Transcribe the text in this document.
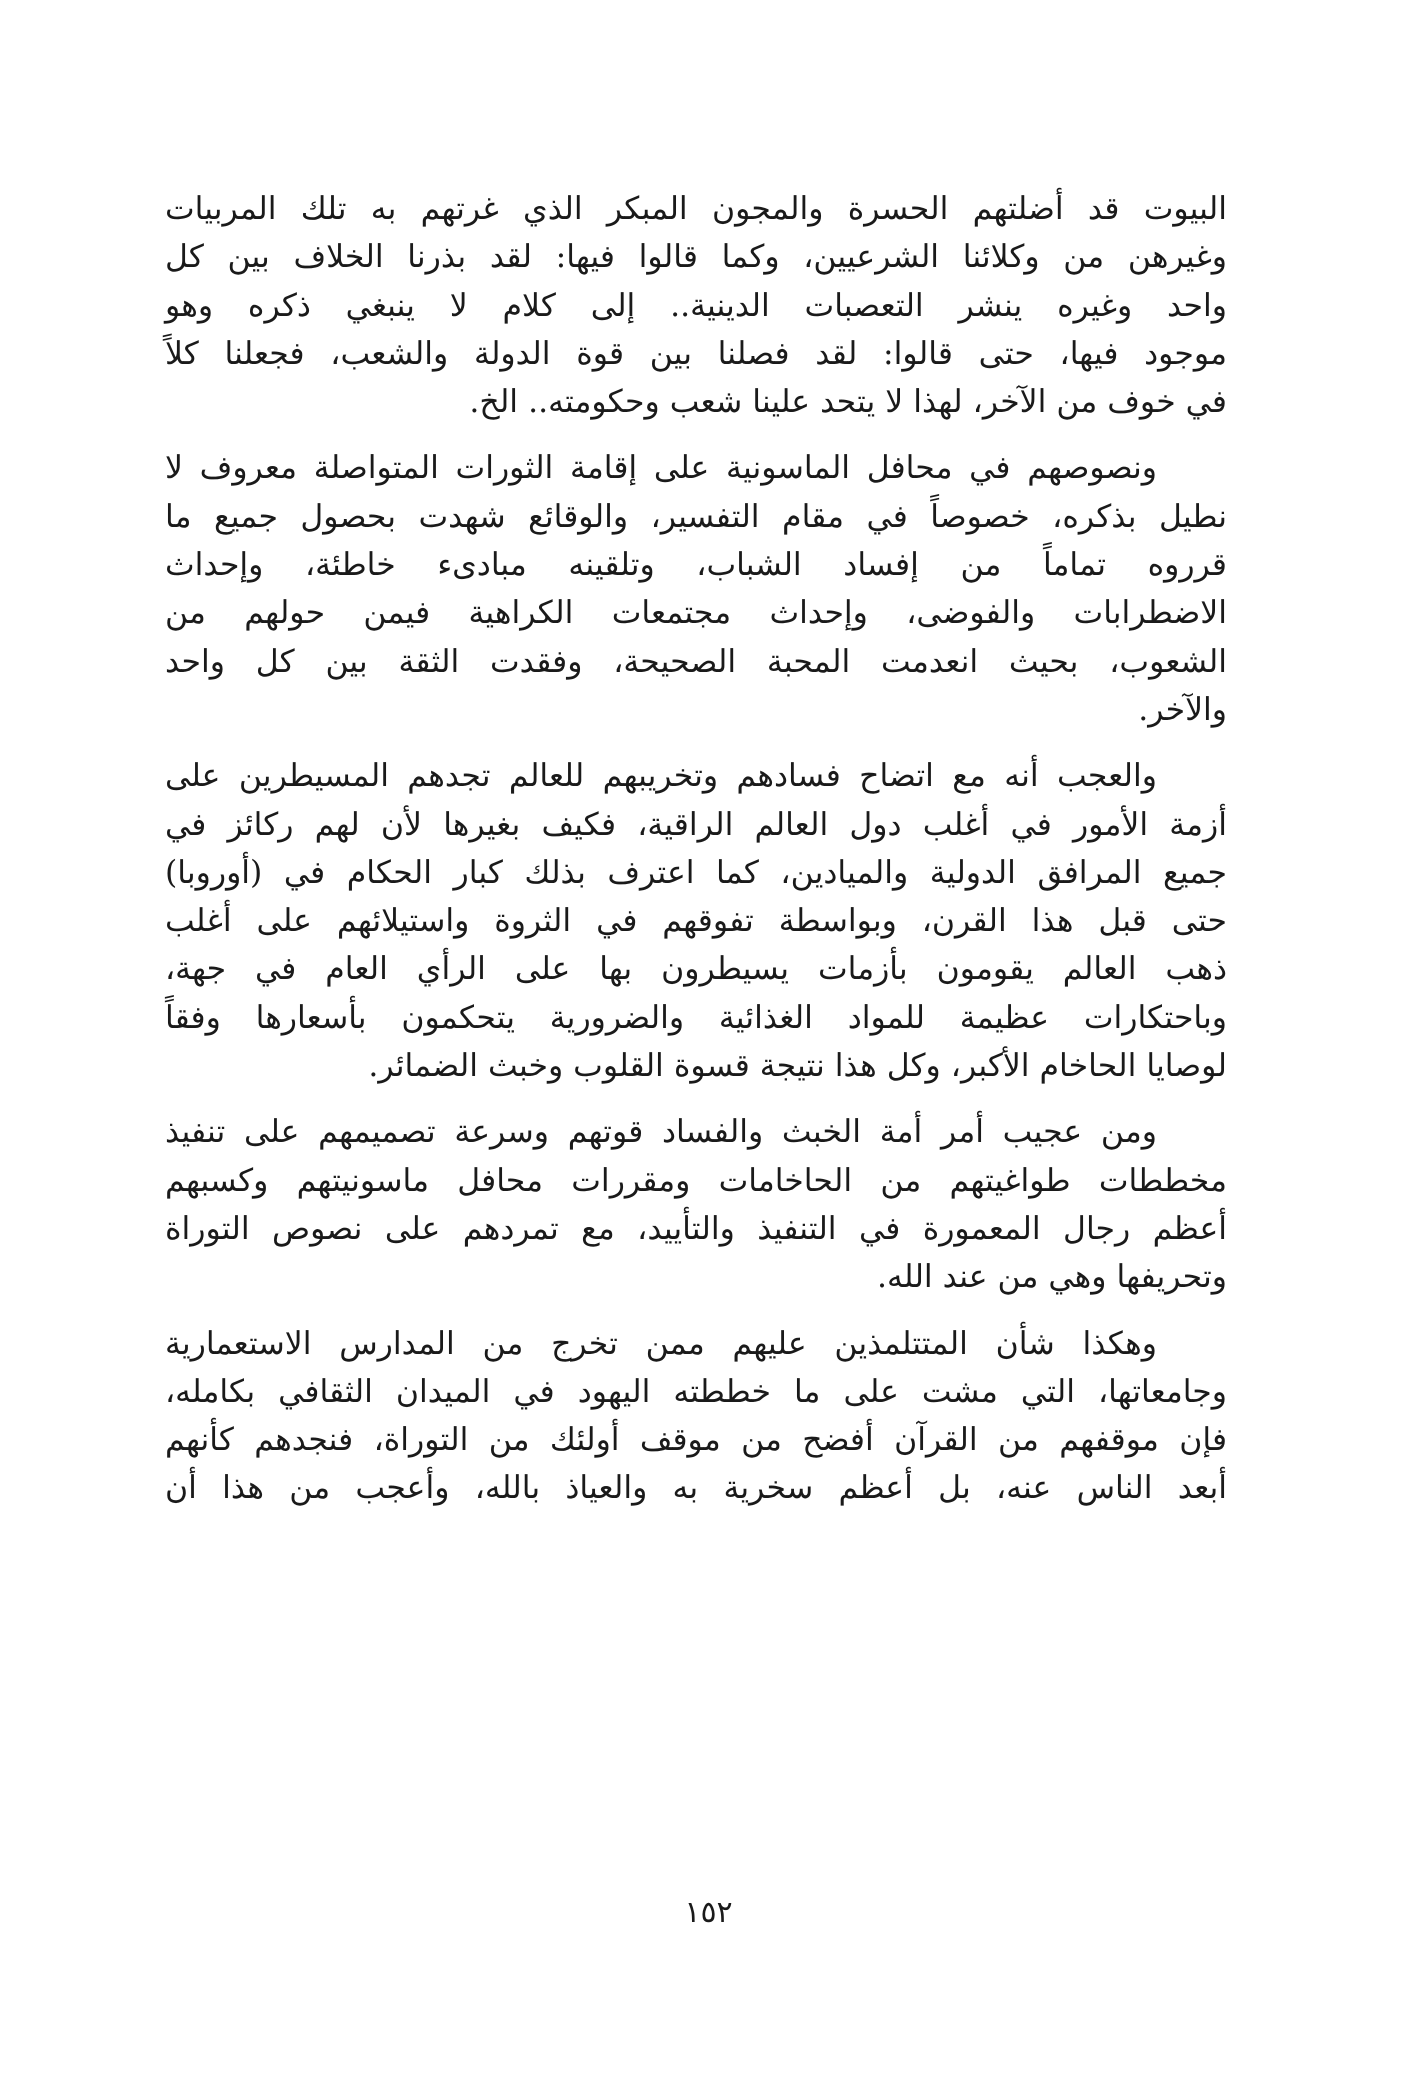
البيوت قد أضلتهم الحسرة والمجون المبكر الذي غرتهم به تلك المربيات
وغيرهن من وكلائنا الشرعيين، وكما قالوا فيها: لقد بذرنا الخلاف بين كل
واحد وغيره ينشر التعصبات الدينية.. إلى كلام لا ينبغي ذكره وهو
موجود فيها، حتى قالوا: لقد فصلنا بين قوة الدولة والشعب، فجعلنا كلاً
في خوف من الآخر، لهذا لا يتحد علينا شعب وحكومته.. الخ.

ونصوصهم في محافل الماسونية على إقامة الثورات المتواصلة معروف لا
نطيل بذكره، خصوصاً في مقام التفسير، والوقائع شهدت بحصول جميع ما
قرروه تماماً من إفساد الشباب، وتلقينه مبادىء خاطئة، وإحداث
الاضطرابات والفوضى، وإحداث مجتمعات الكراهية فيمن حولهم من
الشعوب، بحيث انعدمت المحبة الصحيحة، وفقدت الثقة بين كل واحد
والآخر.

والعجب أنه مع اتضاح فسادهم وتخريبهم للعالم تجدهم المسيطرين على
أزمة الأمور في أغلب دول العالم الراقية، فكيف بغيرها لأن لهم ركائز في
جميع المرافق الدولية والميادين، كما اعترف بذلك كبار الحكام في (أوروبا)
حتى قبل هذا القرن، وبواسطة تفوقهم في الثروة واستيلائهم على أغلب
ذهب العالم يقومون بأزمات يسيطرون بها على الرأي العام في جهة،
وباحتكارات عظيمة للمواد الغذائية والضرورية يتحكمون بأسعارها وفقاً
لوصايا الحاخام الأكبر، وكل هذا نتيجة قسوة القلوب وخبث الضمائر.

ومن عجيب أمر أمة الخبث والفساد قوتهم وسرعة تصميمهم على تنفيذ
مخططات طواغيتهم من الحاخامات ومقررات محافل ماسونيتهم وكسبهم
أعظم رجال المعمورة في التنفيذ والتأييد، مع تمردهم على نصوص التوراة
وتحريفها وهي من عند الله.

وهكذا شأن المتتلمذين عليهم ممن تخرج من المدارس الاستعمارية
وجامعاتها، التي مشت على ما خططته اليهود في الميدان الثقافي بكامله،
فإن موقفهم من القرآن أفضح من موقف أولئك من التوراة، فنجدهم كأنهم
أبعد الناس عنه، بل أعظم سخرية به والعياذ بالله، وأعجب من هذا أن

١٥٢
